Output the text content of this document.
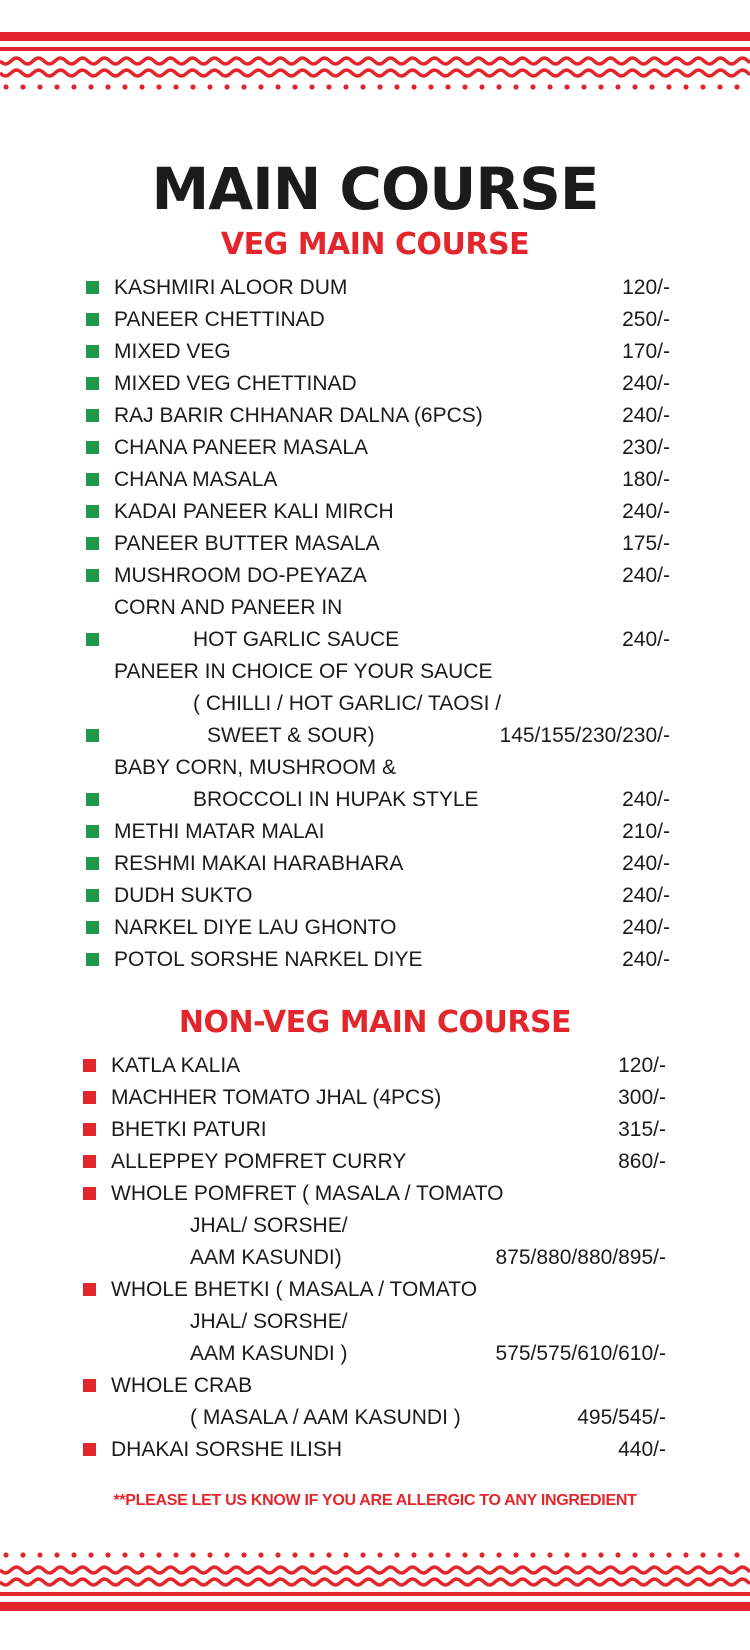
MAIN COURSE
VEG MAIN COURSE
KASHMIRI ALOOR DUM	120/-
PANEER CHETTINAD	250/-
MIXED VEG	170/-
MIXED VEG CHETTINAD	240/-
RAJ BARIR CHHANAR DALNA (6PCS)	240/-
CHANA PANEER MASALA	230/-
CHANA MASALA	180/-
KADAI PANEER KALI MIRCH	240/-
PANEER BUTTER MASALA	175/-
MUSHROOM DO-PEYAZA	240/-
CORN AND PANEER IN
HOT GARLIC SAUCE	240/-
PANEER IN CHOICE OF YOUR SAUCE
( CHILLI / HOT GARLIC/ TAOSI /
SWEET & SOUR)	145/155/230/230/-
BABY CORN, MUSHROOM &
BROCCOLI IN HUPAK STYLE	240/-
METHI MATAR MALAI	210/-
RESHMI MAKAI HARABHARA	240/-
DUDH SUKTO	240/-
NARKEL DIYE LAU GHONTO	240/-
POTOL SORSHE NARKEL DIYE	240/-
NON-VEG MAIN COURSE
KATLA KALIA	120/-
MACHHER TOMATO JHAL (4PCS)	300/-
BHETKI PATURI	315/-
ALLEPPEY POMFRET CURRY	860/-
WHOLE POMFRET ( MASALA / TOMATO
JHAL/ SORSHE/
AAM KASUNDI)	875/880/880/895/-
WHOLE BHETKI ( MASALA / TOMATO
JHAL/ SORSHE/
AAM KASUNDI )	575/575/610/610/-
WHOLE CRAB
( MASALA / AAM KASUNDI )	495/545/-
DHAKAI SORSHE ILISH	440/-
**PLEASE LET US KNOW IF YOU ARE ALLERGIC TO ANY INGREDIENT
